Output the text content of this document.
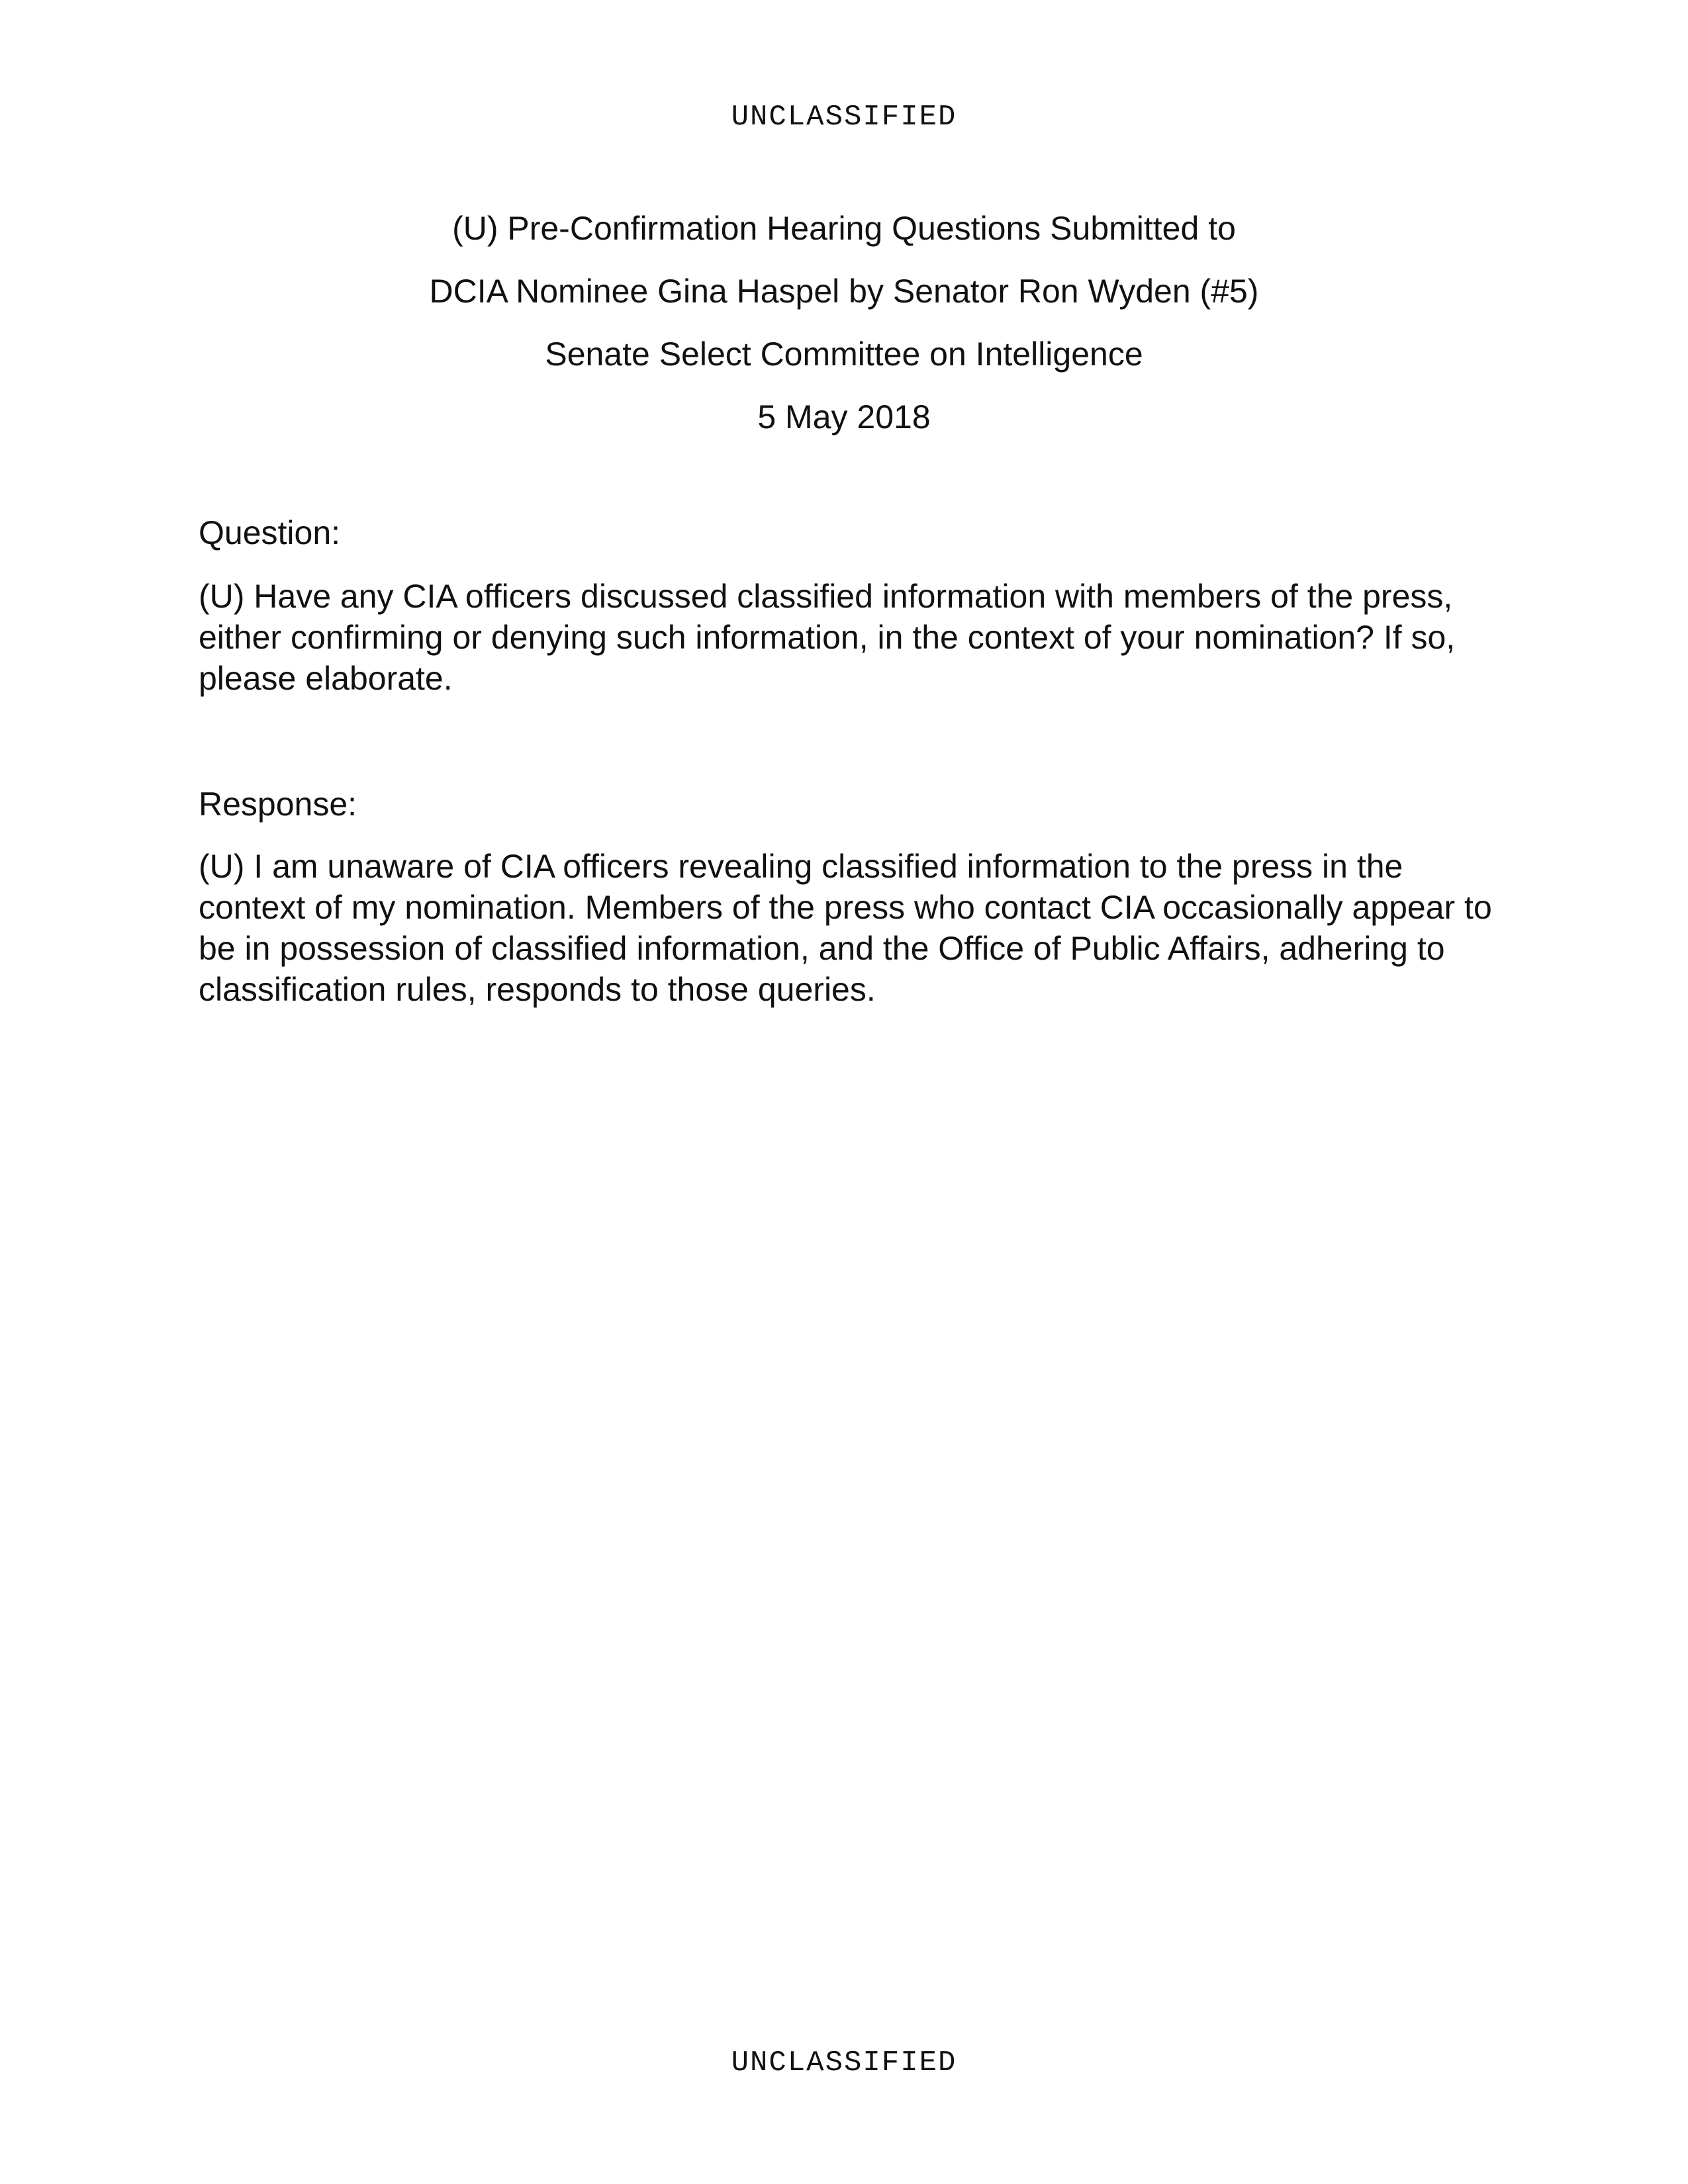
UNCLASSIFIED
(U) Pre-Confirmation Hearing Questions Submitted to
DCIA Nominee Gina Haspel by Senator Ron Wyden (#5)
Senate Select Committee on Intelligence
5 May 2018
Question:
(U) Have any CIA officers discussed classified information with members of the press, either confirming or denying such information, in the context of your nomination? If so, please elaborate.
Response:
(U) I am unaware of CIA officers revealing classified information to the press in the context of my nomination. Members of the press who contact CIA occasionally appear to be in possession of classified information, and the Office of Public Affairs, adhering to classification rules, responds to those queries.
UNCLASSIFIED
